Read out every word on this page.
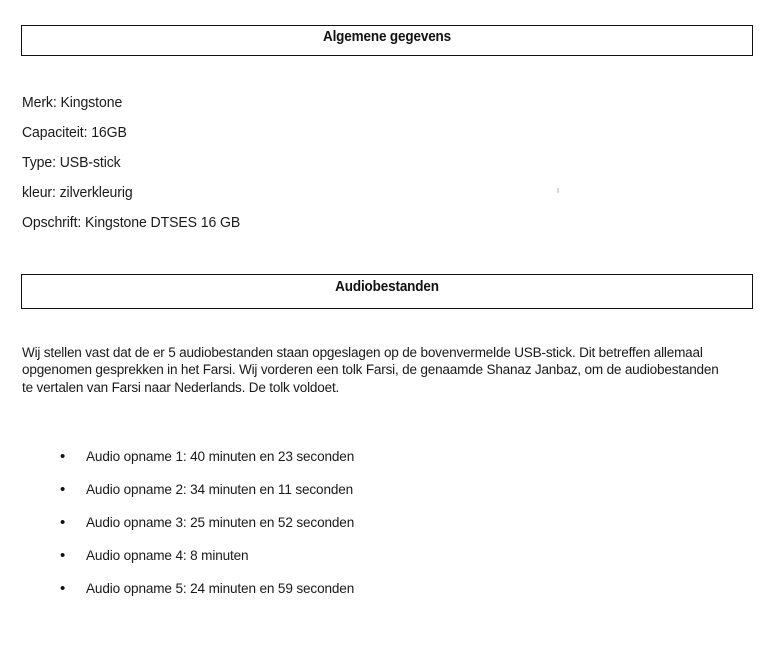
Algemene gegevens
Merk: Kingstone
Capaciteit: 16GB
Type: USB-stick
kleur: zilverkleurig
Opschrift: Kingstone DTSES 16 GB
Audiobestanden
Wij stellen vast dat de er 5 audiobestanden staan opgeslagen op de bovenvermelde USB-stick. Dit betreffen allemaal opgenomen gesprekken in het Farsi. Wij vorderen een tolk Farsi, de genaamde Shanaz Janbaz, om de audiobestanden te vertalen van Farsi naar Nederlands. De tolk voldoet.
• Audio opname 1: 40 minuten en 23 seconden
• Audio opname 2: 34 minuten en 11 seconden
• Audio opname 3: 25 minuten en 52 seconden
• Audio opname 4: 8 minuten
• Audio opname 5: 24 minuten en 59 seconden
